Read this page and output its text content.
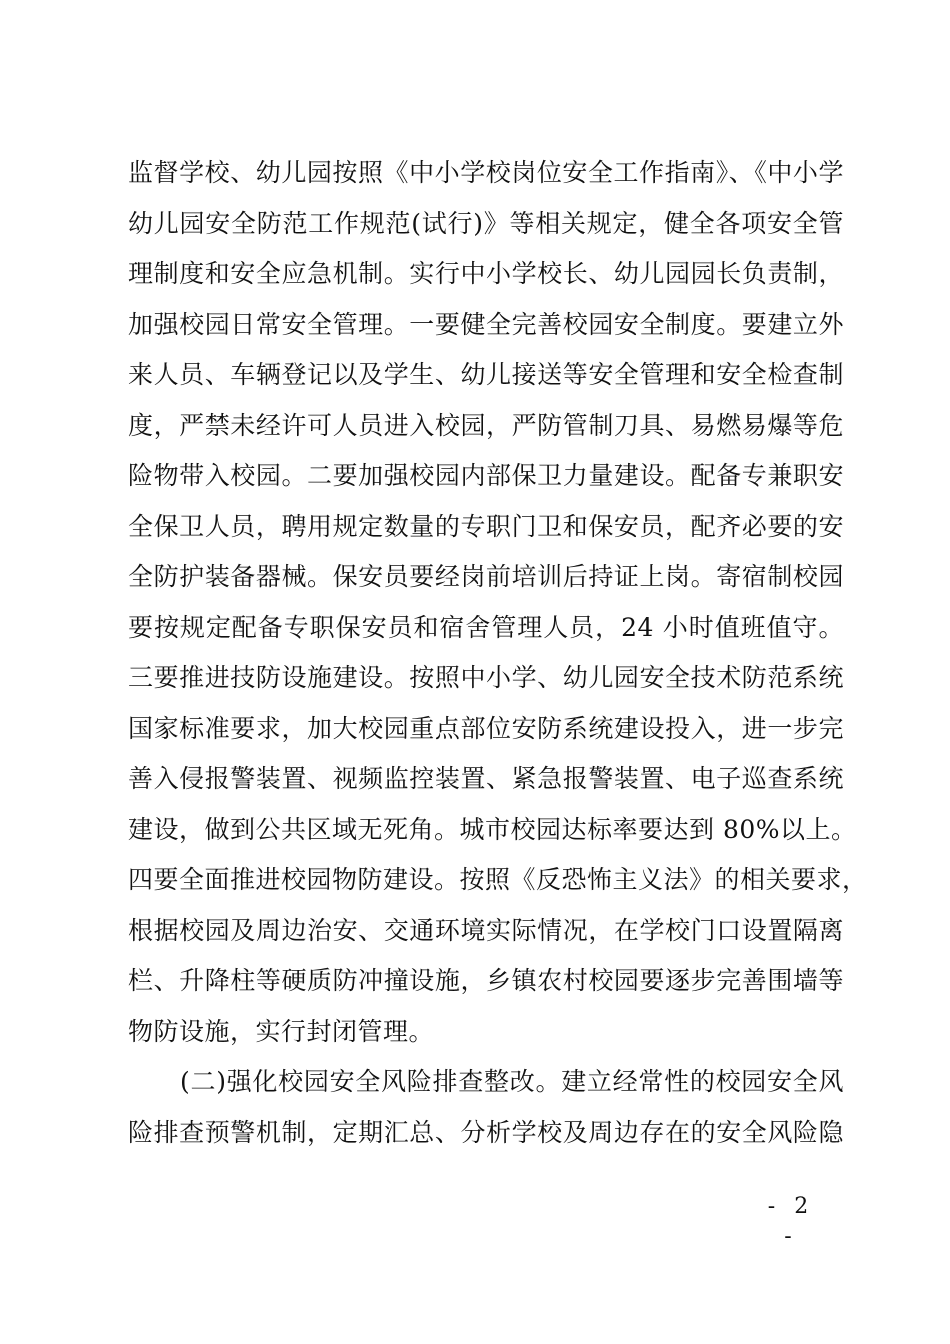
监督学校、幼儿园按照《中小学校岗位安全工作指南》、《中小学
幼儿园安全防范工作规范(试行)》等相关规定，健全各项安全管
理制度和安全应急机制。实行中小学校长、幼儿园园长负责制，
加强校园日常安全管理。一要健全完善校园安全制度。要建立外
来人员、车辆登记以及学生、幼儿接送等安全管理和安全检查制
度，严禁未经许可人员进入校园，严防管制刀具、易燃易爆等危
险物带入校园。二要加强校园内部保卫力量建设。配备专兼职安
全保卫人员，聘用规定数量的专职门卫和保安员，配齐必要的安
全防护装备器械。保安员要经岗前培训后持证上岗。寄宿制校园
要按规定配备专职保安员和宿舍管理人员，24 小时值班值守。
三要推进技防设施建设。按照中小学、幼儿园安全技术防范系统
国家标准要求，加大校园重点部位安防系统建设投入，进一步完
善入侵报警装置、视频监控装置、紧急报警装置、电子巡查系统
建设，做到公共区域无死角。城市校园达标率要达到 80%以上。
四要全面推进校园物防建设。按照《反恐怖主义法》的相关要求，
根据校园及周边治安、交通环境实际情况，在学校门口设置隔离
栏、升降柱等硬质防冲撞设施，乡镇农村校园要逐步完善围墙等
物防设施，实行封闭管理。
(二)强化校园安全风险排查整改。建立经常性的校园安全风
险排查预警机制，定期汇总、分析学校及周边存在的安全风险隐
- 2 -
